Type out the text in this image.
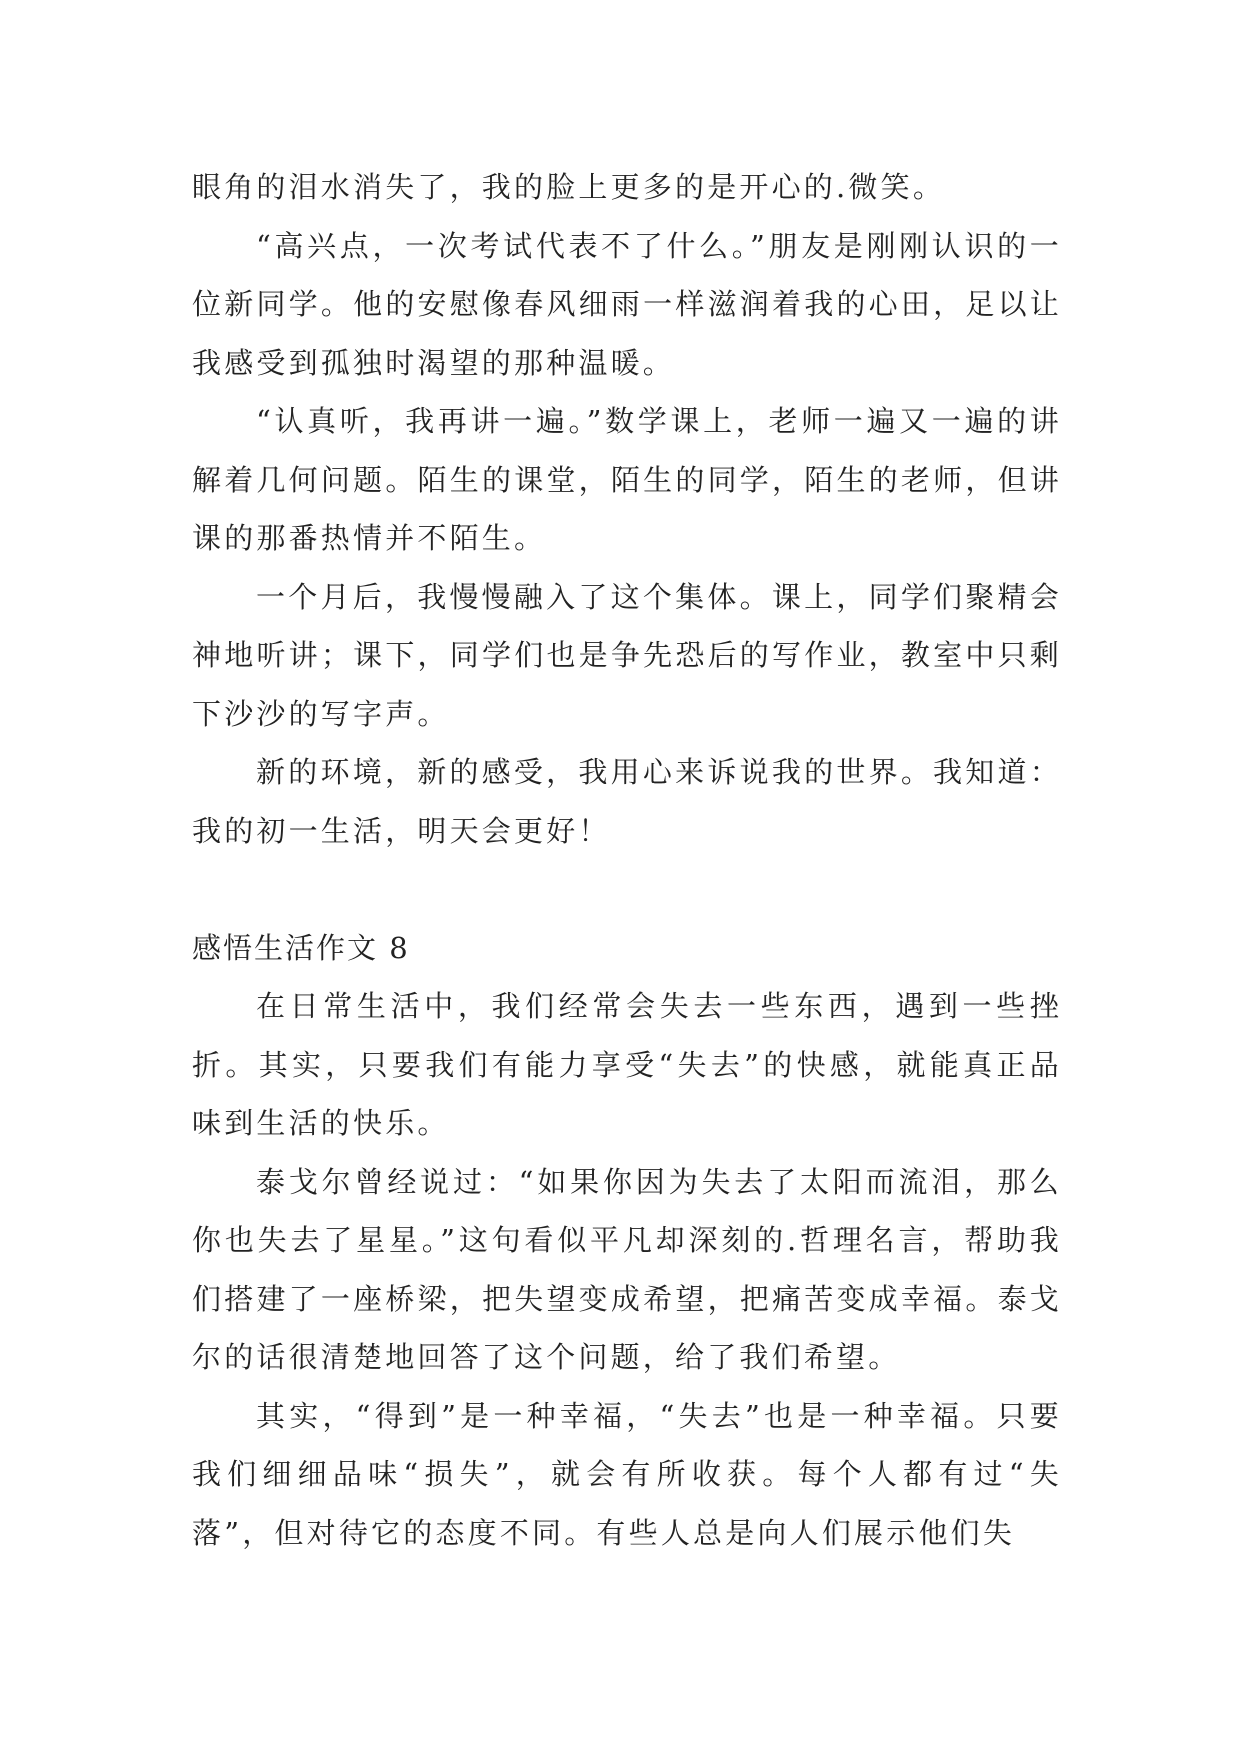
眼角的泪水消失了，我的脸上更多的是开心的.微笑。

“高兴点，一次考试代表不了什么。”朋友是刚刚认识的一位新同学。他的安慰像春风细雨一样滋润着我的心田，足以让我感受到孤独时渴望的那种温暖。

“认真听，我再讲一遍。”数学课上，老师一遍又一遍的讲解着几何问题。陌生的课堂，陌生的同学，陌生的老师，但讲课的那番热情并不陌生。

一个月后，我慢慢融入了这个集体。课上，同学们聚精会神地听讲；课下，同学们也是争先恐后的写作业，教室中只剩下沙沙的写字声。

新的环境，新的感受，我用心来诉说我的世界。我知道：我的初一生活，明天会更好！

感悟生活作文 8

在日常生活中，我们经常会失去一些东西，遇到一些挫折。其实，只要我们有能力享受“失去”的快感，就能真正品味到生活的快乐。

泰戈尔曾经说过：“如果你因为失去了太阳而流泪，那么你也失去了星星。”这句看似平凡却深刻的.哲理名言，帮助我们搭建了一座桥梁，把失望变成希望，把痛苦变成幸福。泰戈尔的话很清楚地回答了这个问题，给了我们希望。

其实，“得到”是一种幸福，“失去”也是一种幸福。只要我们细细品味“损失”，就会有所收获。每个人都有过“失落”，但对待它的态度不同。有些人总是向人们展示他们失
